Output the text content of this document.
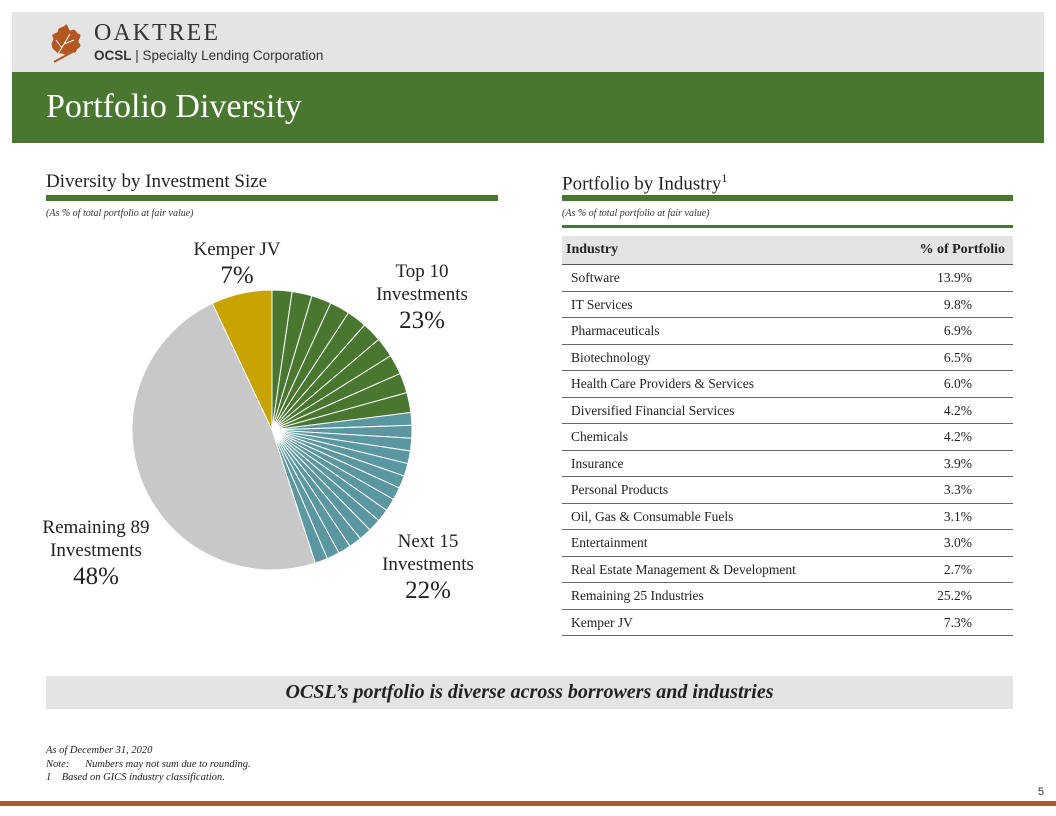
OAKTREE
OCSL | Specialty Lending Corporation
Portfolio Diversity
Diversity by Investment Size
(As % of total portfolio at fair value)
Kemper JV
7%	Top 10
Investments
23%
Next 15
Investments
22%
Remaining 89
Investments
48%
Portfolio by Industry$^1$
(As % of total portfolio at fair value)
Industry	% of Portfolio
Software	13.9%
IT Services	9.8%
Pharmaceuticals	6.9%
Biotechnology	6.5%
Health Care Providers & Services	6.0%
Diversified Financial Services	4.2%
Chemicals	4.2%
Insurance	3.9%
Personal Products	3.3%
Oil, Gas & Consumable Fuels	3.1%
Entertainment	3.0%
Real Estate Management & Development	2.7%
Remaining 25 Industries	25.2%
Kemper JV	7.3%
OCSL’s portfolio is diverse across borrowers and industries
As of December 31, 2020
Note:      Numbers may not sum due to rounding.
1    Based on GICS industry classification.
5
